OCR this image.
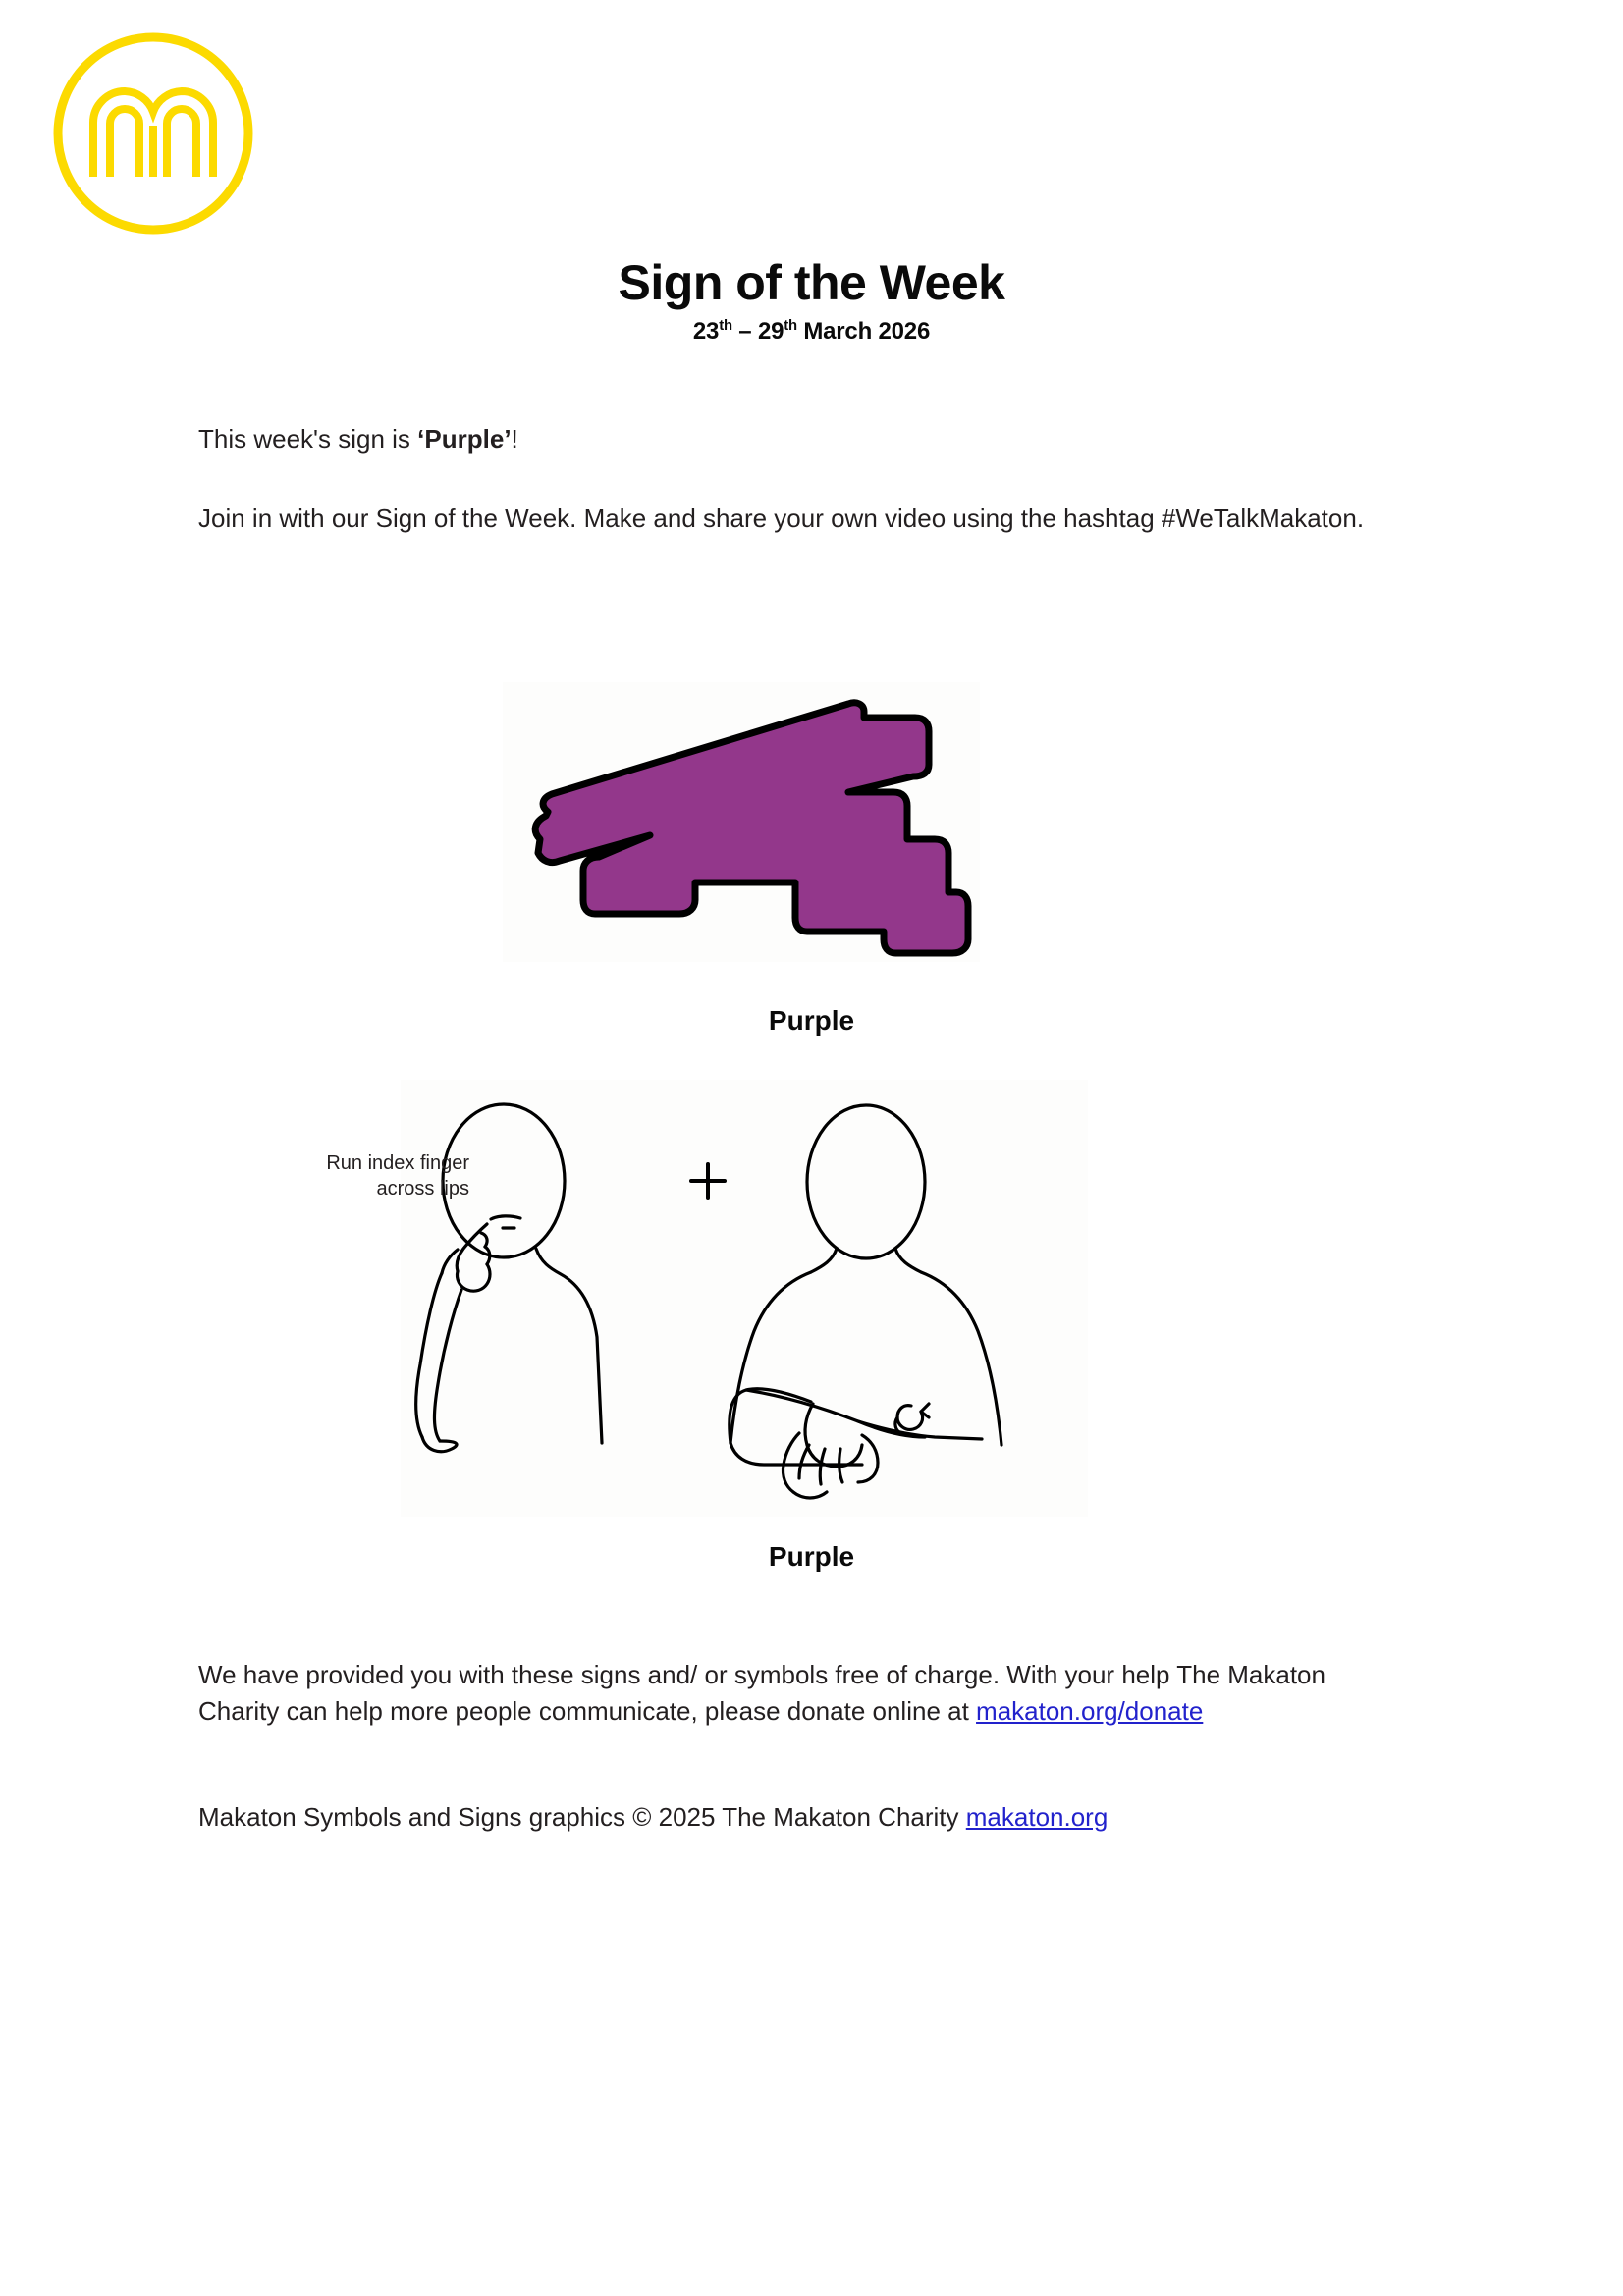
Sign of the Week
23th – 29th March 2026
This week's sign is ‘Purple’!
Join in with our Sign of the Week. Make and share your own video using the hashtag #WeTalkMakaton.
Purple
Run index finger
across lips
Purple
We have provided you with these signs and/ or symbols free of charge. With your help The Makaton Charity can help more people communicate, please donate online at makaton.org/donate
Makaton Symbols and Signs graphics © 2025 The Makaton Charity makaton.org
